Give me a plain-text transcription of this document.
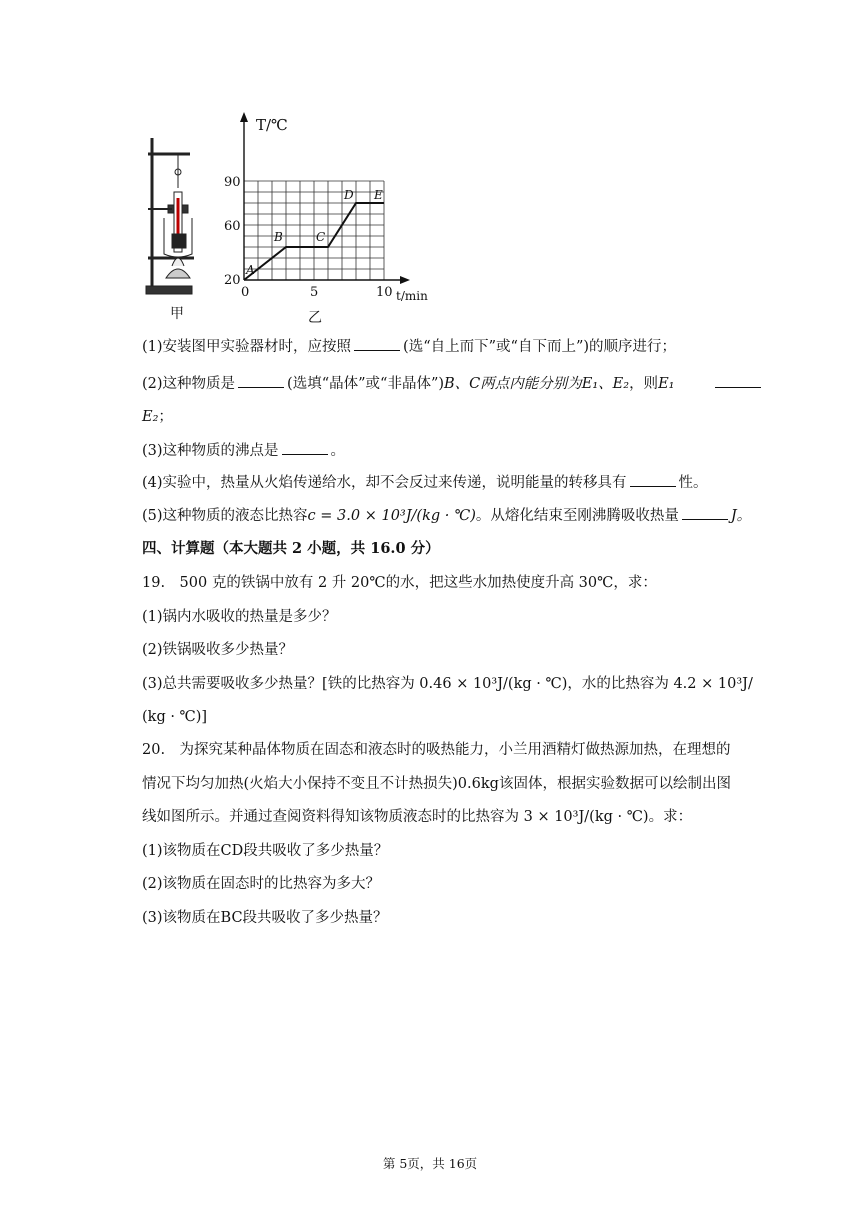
甲
A
B	C
D E
T/℃
t/min
90
60
20
0	5	10
乙
(1)安装图甲实验器材时，应按照	(选“自上而下”或“自下而上”)的顺序进行；
(2)这种物质是	(选填“晶体”或“非晶体”)B、C两点内能分别为E₁、E₂，则E₁
E₂；
(3)这种物质的沸点是	。
(4)实验中，热量从火焰传递给水，却不会反过来传递，说明能量的转移具有	性。
(5)这种物质的液态比热容c = 3.0 × 10³J/(kg · ℃)。从熔化结束至刚沸腾吸收热量	J。
四、计算题（本大题共 2 小题，共 16.0 分）
19.　500 克的铁锅中放有 2 升 20℃的水，把这些水加热使度升高 30℃，求：
(1)锅内水吸收的热量是多少？
(2)铁锅吸收多少热量？
(3)总共需要吸收多少热量？[铁的比热容为 0.46 × 10³J/(kg · ℃)，水的比热容为 4.2 × 10³J/
(kg · ℃)]
20.　为探究某种晶体物质在固态和液态时的吸热能力，小兰用酒精灯做热源加热，在理想的
情况下均匀加热(火焰大小保持不变且不计热损失)0.6kg该固体，根据实验数据可以绘制出图
线如图所示。并通过查阅资料得知该物质液态时的比热容为 3 × 10³J/(kg · ℃)。求：
(1)该物质在CD段共吸收了多少热量？
(2)该物质在固态时的比热容为多大？
(3)该物质在BC段共吸收了多少热量？
第 5页，共 16页
